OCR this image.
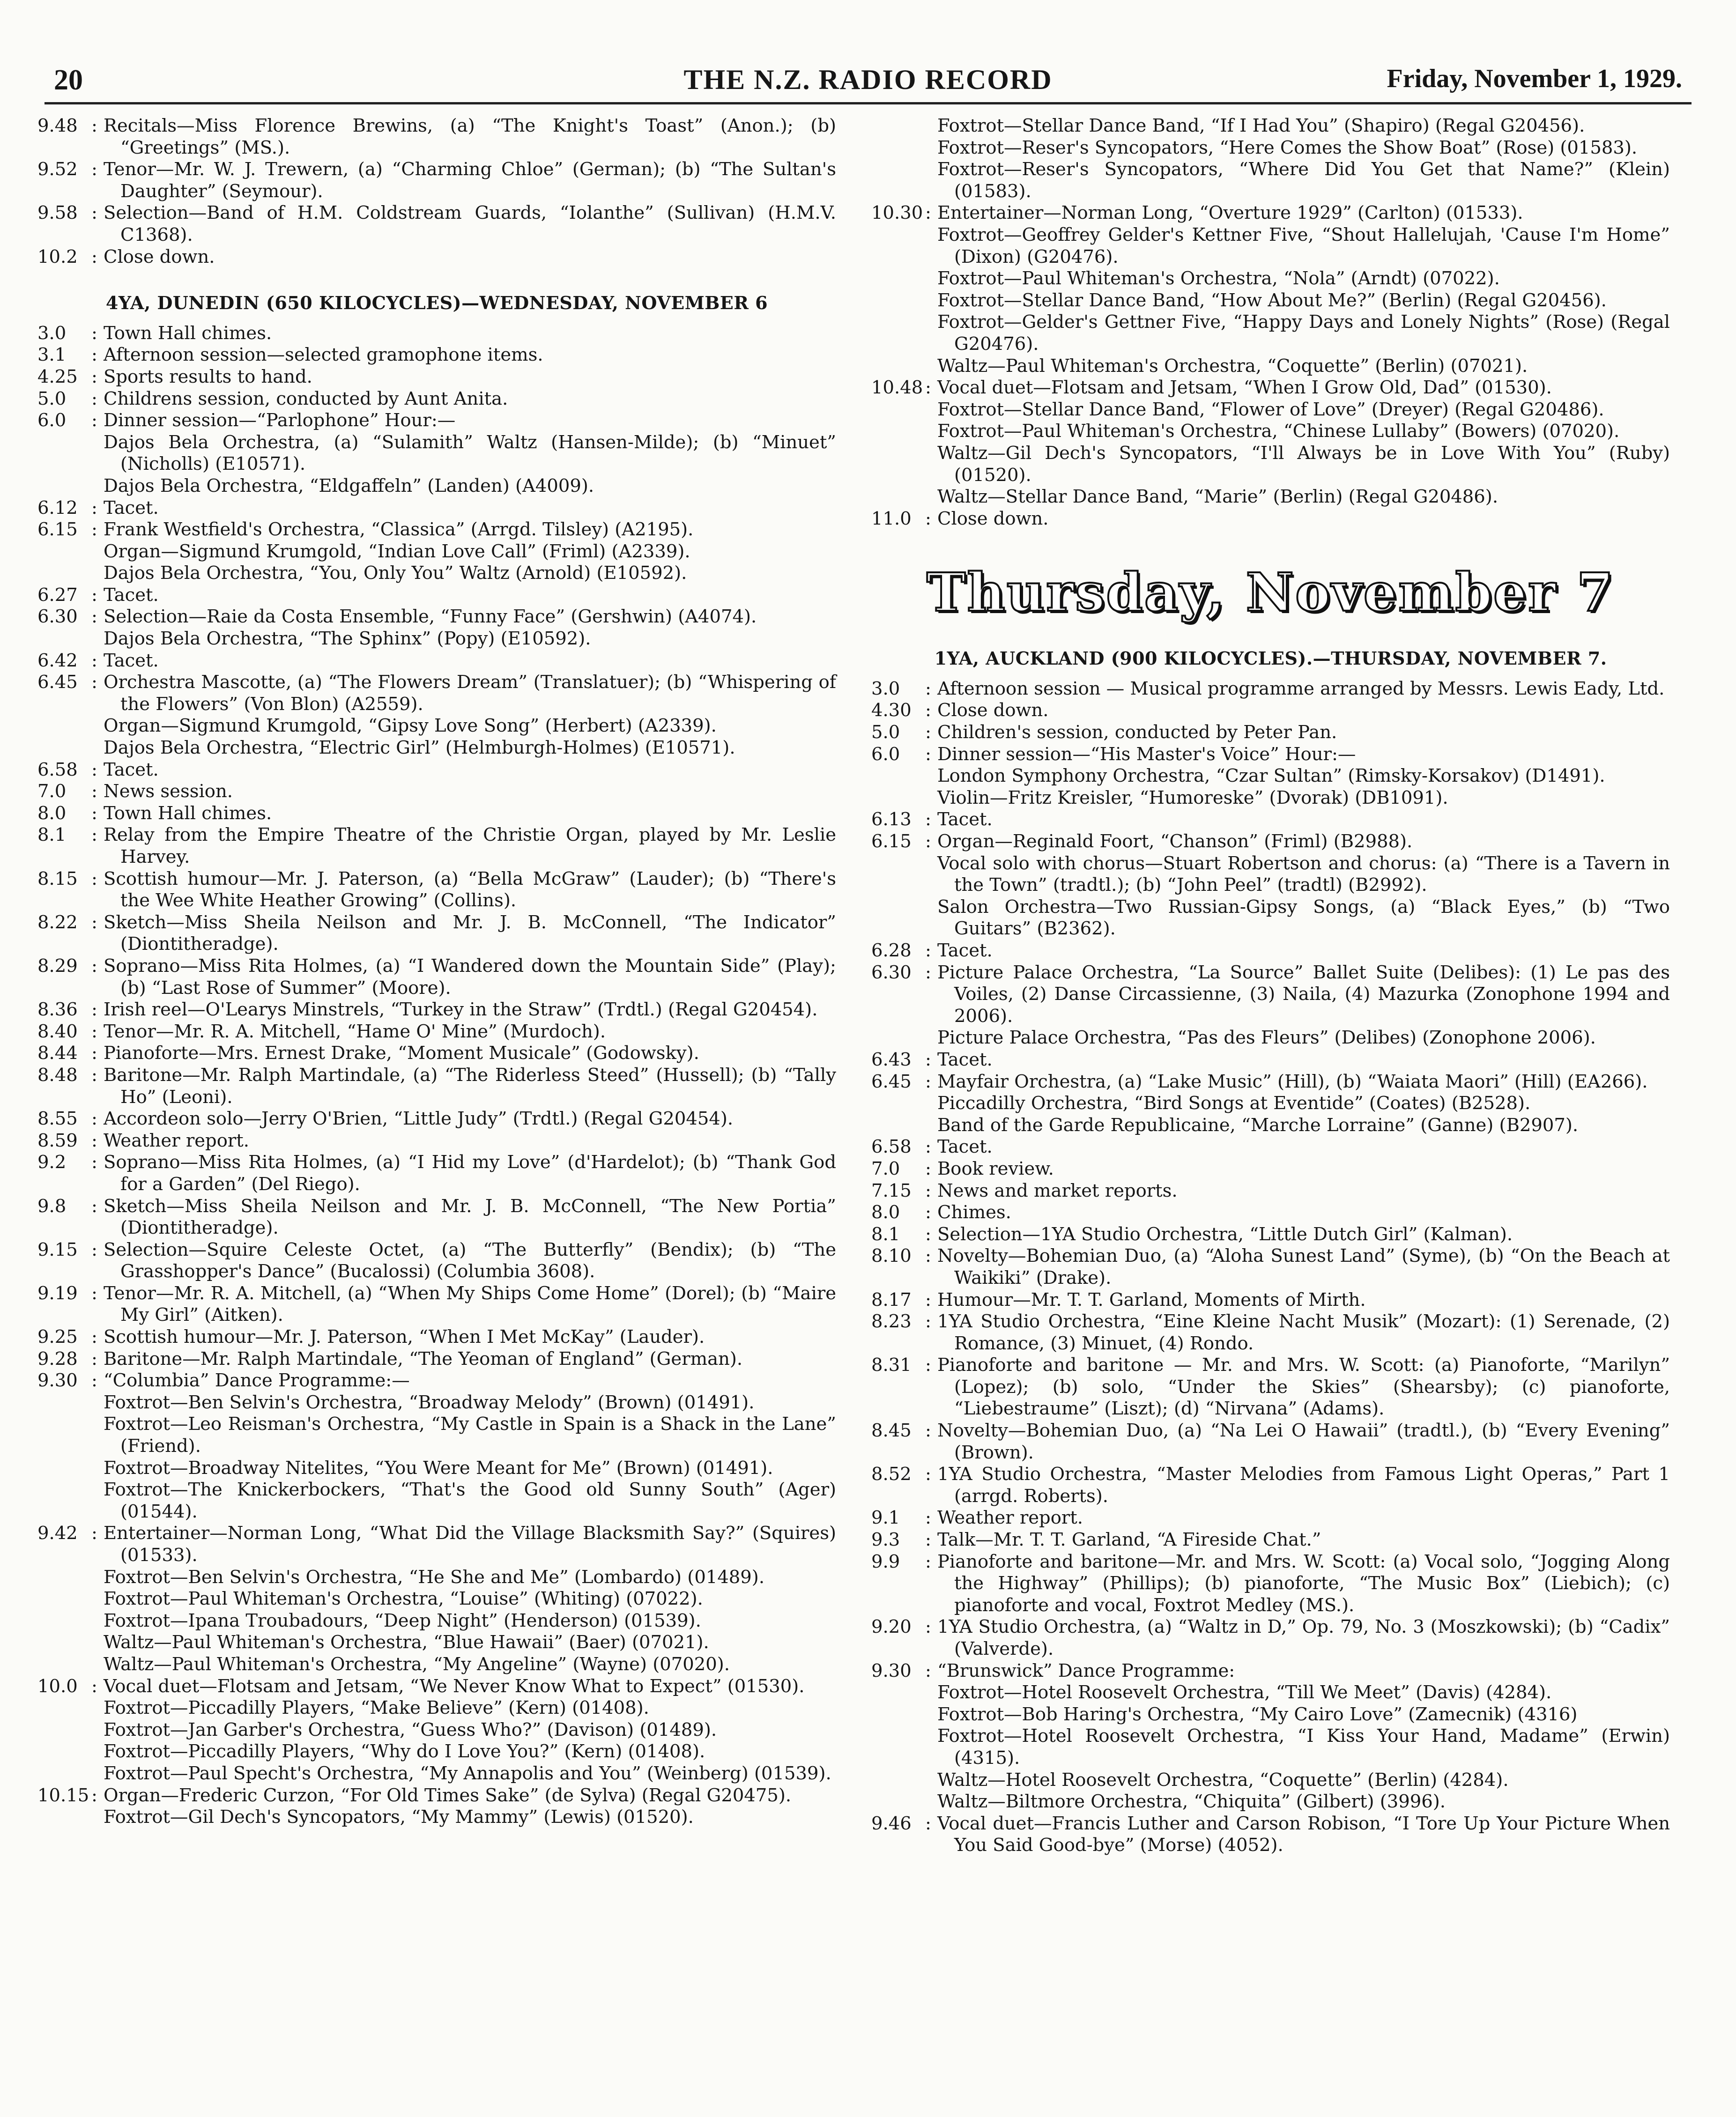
20	THE N.Z. RADIO RECORD	Friday, November 1, 1929.
9.48 : Recitals—Miss Florence Brewins, (a) “The Knight's Toast” (Anon.); (b) “Greetings” (MS.).

9.52 : Tenor—Mr. W. J. Trewern, (a) “Charming Chloe” (German); (b) “The Sultan's Daughter” (Seymour).

9.58 : Selection—Band of H.M. Coldstream Guards, “Iolanthe” (Sullivan) (H.M.V. C1368).

10.2 : Close down.

4YA, DUNEDIN (650 KILOCYCLES)—WEDNESDAY, NOVEMBER 6
3.0	: Town Hall chimes.

3.1	: Afternoon session—selected gramophone items.

4.25 : Sports results to hand.

5.0	: Childrens session, conducted by Aunt Anita.

6.0	: Dinner session—“Parlophone” Hour:—

Dajos Bela Orchestra, (a) “Sulamith” Waltz (Hansen-Milde); (b) “Minuet” (Nicholls) (E10571).

Dajos Bela Orchestra, “Eldgaffeln” (Landen) (A4009).

6.12 : Tacet.

6.15 : Frank Westfield's Orchestra, “Classica” (Arrgd. Tilsley) (A2195).

Organ—Sigmund Krumgold, “Indian Love Call” (Friml) (A2339).

Dajos Bela Orchestra, “You, Only You” Waltz (Arnold) (E10592).

6.27 : Tacet.

6.30 : Selection—Raie da Costa Ensemble, “Funny Face” (Gershwin) (A4074).

Dajos Bela Orchestra, “The Sphinx” (Popy) (E10592).

6.42 : Tacet.

6.45 : Orchestra Mascotte, (a) “The Flowers Dream” (Translatuer); (b) “Whispering of the Flowers” (Von Blon) (A2559).

Organ—Sigmund Krumgold, “Gipsy Love Song” (Herbert) (A2339).

Dajos Bela Orchestra, “Electric Girl” (Helmburgh-Holmes) (E10571).

6.58 : Tacet.

7.0	: News session.

8.0	: Town Hall chimes.

8.1	: Relay from the Empire Theatre of the Christie Organ, played by Mr. Leslie Harvey.

8.15 : Scottish humour—Mr. J. Paterson, (a) “Bella McGraw” (Lauder); (b) “There's the Wee White Heather Growing” (Collins).

8.22 : Sketch—Miss Sheila Neilson and Mr. J. B. McConnell, “The Indicator” (Diontitheradge).

8.29 : Soprano—Miss Rita Holmes, (a) “I Wandered down the Mountain Side” (Play); (b) “Last Rose of Summer” (Moore).

8.36 : Irish reel—O'Learys Minstrels, “Turkey in the Straw” (Trdtl.) (Regal G20454).

8.40 : Tenor—Mr. R. A. Mitchell, “Hame O' Mine” (Murdoch).

8.44 : Pianoforte—Mrs. Ernest Drake, “Moment Musicale” (Godowsky).

8.48 : Baritone—Mr. Ralph Martindale, (a) “The Riderless Steed” (Hussell); (b) “Tally Ho” (Leoni).

8.55 : Accordeon solo—Jerry O'Brien, “Little Judy” (Trdtl.) (Regal G20454).

8.59 : Weather report.

9.2	: Soprano—Miss Rita Holmes, (a) “I Hid my Love” (d'Hardelot); (b) “Thank God for a Garden” (Del Riego).

9.8	: Sketch—Miss Sheila Neilson and Mr. J. B. McConnell, “The New Portia” (Diontitheradge).

9.15 : Selection—Squire Celeste Octet, (a) “The Butterfly” (Bendix); (b) “The Grasshopper's Dance” (Bucalossi) (Columbia 3608).

9.19 : Tenor—Mr. R. A. Mitchell, (a) “When My Ships Come Home” (Dorel); (b) “Maire My Girl” (Aitken).

9.25 : Scottish humour—Mr. J. Paterson, “When I Met McKay” (Lauder).

9.28 : Baritone—Mr. Ralph Martindale, “The Yeoman of England” (German).

9.30 : “Columbia” Dance Programme:—

Foxtrot—Ben Selvin's Orchestra, “Broadway Melody” (Brown) (01491).

Foxtrot—Leo Reisman's Orchestra, “My Castle in Spain is a Shack in the Lane” (Friend).

Foxtrot—Broadway Nitelites, “You Were Meant for Me” (Brown) (01491).

Foxtrot—The Knickerbockers, “That's the Good old Sunny South” (Ager) (01544).

9.42 : Entertainer—Norman Long, “What Did the Village Blacksmith Say?” (Squires) (01533).

Foxtrot—Ben Selvin's Orchestra, “He She and Me” (Lombardo) (01489).

Foxtrot—Paul Whiteman's Orchestra, “Louise” (Whiting) (07022).

Foxtrot—Ipana Troubadours, “Deep Night” (Henderson) (01539).

Waltz—Paul Whiteman's Orchestra, “Blue Hawaii” (Baer) (07021).

Waltz—Paul Whiteman's Orchestra, “My Angeline” (Wayne) (07020).

10.0 : Vocal duet—Flotsam and Jetsam, “We Never Know What to Expect” (01530).

Foxtrot—Piccadilly Players, “Make Believe” (Kern) (01408).

Foxtrot—Jan Garber's Orchestra, “Guess Who?” (Davison) (01489).

Foxtrot—Piccadilly Players, “Why do I Love You?” (Kern) (01408).

Foxtrot—Paul Specht's Orchestra, “My Annapolis and You” (Weinberg) (01539).

10.15 : Organ—Frederic Curzon, “For Old Times Sake” (de Sylva) (Regal G20475).

Foxtrot—Gil Dech's Syncopators, “My Mammy” (Lewis) (01520).

Foxtrot—Stellar Dance Band, “If I Had You” (Shapiro) (Regal G20456).

Foxtrot—Reser's Syncopators, “Here Comes the Show Boat” (Rose) (01583).

Foxtrot—Reser's Syncopators, “Where Did You Get that Name?” (Klein) (01583).

10.30 : Entertainer—Norman Long, “Overture 1929” (Carlton) (01533).

Foxtrot—Geoffrey Gelder's Kettner Five, “Shout Hallelujah, 'Cause I'm Home” (Dixon) (G20476).

Foxtrot—Paul Whiteman's Orchestra, “Nola” (Arndt) (07022).

Foxtrot—Stellar Dance Band, “How About Me?” (Berlin) (Regal G20456).

Foxtrot—Gelder's Gettner Five, “Happy Days and Lonely Nights” (Rose) (Regal G20476).

Waltz—Paul Whiteman's Orchestra, “Coquette” (Berlin) (07021).

10.48 : Vocal duet—Flotsam and Jetsam, “When I Grow Old, Dad” (01530).

Foxtrot—Stellar Dance Band, “Flower of Love” (Dreyer) (Regal G20486).

Foxtrot—Paul Whiteman's Orchestra, “Chinese Lullaby” (Bowers) (07020).

Waltz—Gil Dech's Syncopators, “I'll Always be in Love With You” (Ruby) (01520).

Waltz—Stellar Dance Band, “Marie” (Berlin) (Regal G20486).

11.0 : Close down.

Thursday, November 7
1YA, AUCKLAND (900 KILOCYCLES).—THURSDAY, NOVEMBER 7.
3.0	: Afternoon session — Musical programme arranged by Messrs. Lewis Eady, Ltd.

4.30 : Close down.

5.0	: Children's session, conducted by Peter Pan.

6.0	: Dinner session—“His Master's Voice” Hour:—

London Symphony Orchestra, “Czar Sultan” (Rimsky-Korsakov) (D1491).

Violin—Fritz Kreisler, “Humoreske” (Dvorak) (DB1091).

6.13 : Tacet.

6.15 : Organ—Reginald Foort, “Chanson” (Friml) (B2988).

Vocal solo with chorus—Stuart Robertson and chorus: (a) “There is a Tavern in the Town” (tradtl.); (b) “John Peel” (tradtl) (B2992).

Salon Orchestra—Two Russian-Gipsy Songs, (a) “Black Eyes,” (b) “Two Guitars” (B2362).

6.28 : Tacet.

6.30 : Picture Palace Orchestra, “La Source” Ballet Suite (Delibes): (1) Le pas des Voiles, (2) Danse Circassienne, (3) Naila, (4) Mazurka (Zonophone 1994 and 2006).

Picture Palace Orchestra, “Pas des Fleurs” (Delibes) (Zonophone 2006).

6.43 : Tacet.

6.45 : Mayfair Orchestra, (a) “Lake Music” (Hill), (b) “Waiata Maori” (Hill) (EA266).

Piccadilly Orchestra, “Bird Songs at Eventide” (Coates) (B2528).

Band of the Garde Republicaine, “Marche Lorraine” (Ganne) (B2907).

6.58 : Tacet.

7.0	: Book review.

7.15 : News and market reports.

8.0	: Chimes.

8.1	: Selection—1YA Studio Orchestra, “Little Dutch Girl” (Kalman).

8.10 : Novelty—Bohemian Duo, (a) “Aloha Sunest Land” (Syme), (b) “On the Beach at Waikiki” (Drake).

8.17 : Humour—Mr. T. T. Garland, Moments of Mirth.

8.23 : 1YA Studio Orchestra, “Eine Kleine Nacht Musik” (Mozart): (1) Serenade, (2) Romance, (3) Minuet, (4) Rondo.

8.31 : Pianoforte and baritone — Mr. and Mrs. W. Scott: (a) Pianoforte, “Marilyn” (Lopez); (b) solo, “Under the Skies” (Shearsby); (c) pianoforte, “Liebestraume” (Liszt); (d) “Nirvana” (Adams).

8.45 : Novelty—Bohemian Duo, (a) “Na Lei O Hawaii” (tradtl.), (b) “Every Evening” (Brown).

8.52 : 1YA Studio Orchestra, “Master Melodies from Famous Light Operas,” Part 1 (arrgd. Roberts).

9.1	: Weather report.

9.3	: Talk—Mr. T. T. Garland, “A Fireside Chat.”

9.9	: Pianoforte and baritone—Mr. and Mrs. W. Scott: (a) Vocal solo, “Jogging Along the Highway” (Phillips); (b) pianoforte, “The Music Box” (Liebich); (c) pianoforte and vocal, Foxtrot Medley (MS.).

9.20 : 1YA Studio Orchestra, (a) “Waltz in D,” Op. 79, No. 3 (Moszkowski); (b) “Cadix” (Valverde).

9.30 : “Brunswick” Dance Programme:

Foxtrot—Hotel Roosevelt Orchestra, “Till We Meet” (Davis) (4284).

Foxtrot—Bob Haring's Orchestra, “My Cairo Love” (Zamecnik) (4316)

Foxtrot—Hotel Roosevelt Orchestra, “I Kiss Your Hand, Madame” (Erwin) (4315).

Waltz—Hotel Roosevelt Orchestra, “Coquette” (Berlin) (4284).

Waltz—Biltmore Orchestra, “Chiquita” (Gilbert) (3996).

9.46 : Vocal duet—Francis Luther and Carson Robison, “I Tore Up Your Picture When You Said Good-bye” (Morse) (4052).
